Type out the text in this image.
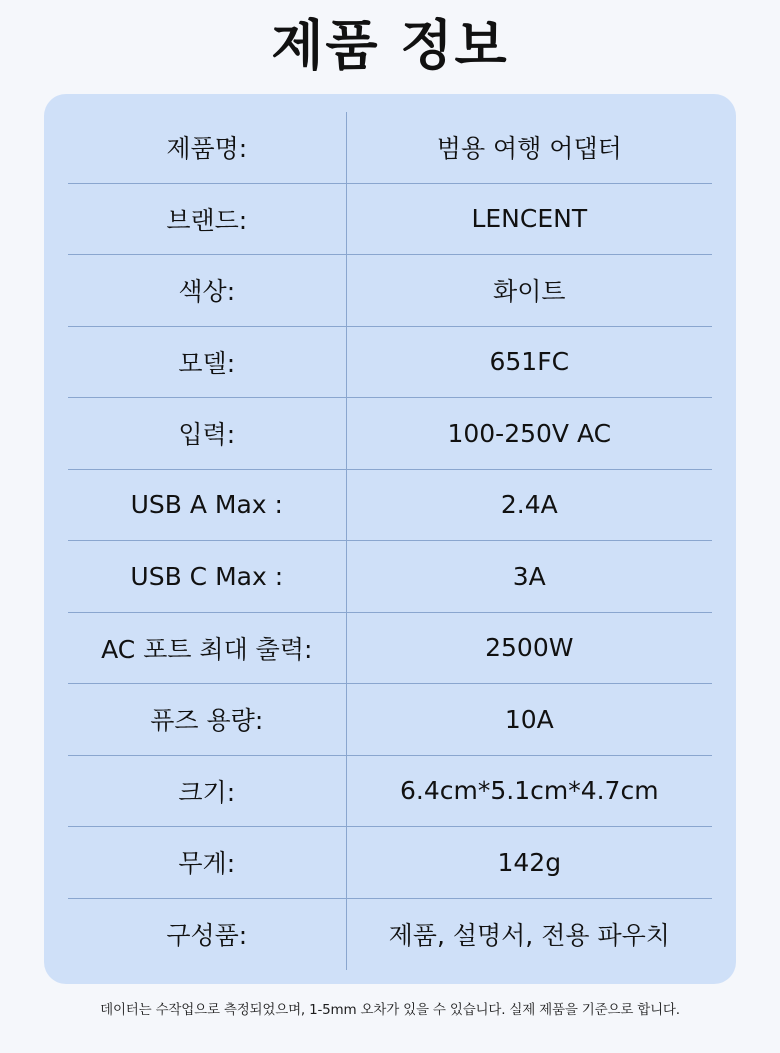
제품 정보
제품명:	범용 여행 어댑터
브랜드:	LENCENT
색상:	화이트
모델:	651FC
입력:	100-250V AC
USB A Max :	2.4A
USB C Max :	3A
AC 포트 최대 출력:	2500W
퓨즈 용량:	10A
크기:	6.4cm*5.1cm*4.7cm
무게:	142g
구성품:	제품, 설명서, 전용 파우치
데이터는 수작업으로 측정되었으며, 1-5mm 오차가 있을 수 있습니다. 실제 제품을 기준으로 합니다.
